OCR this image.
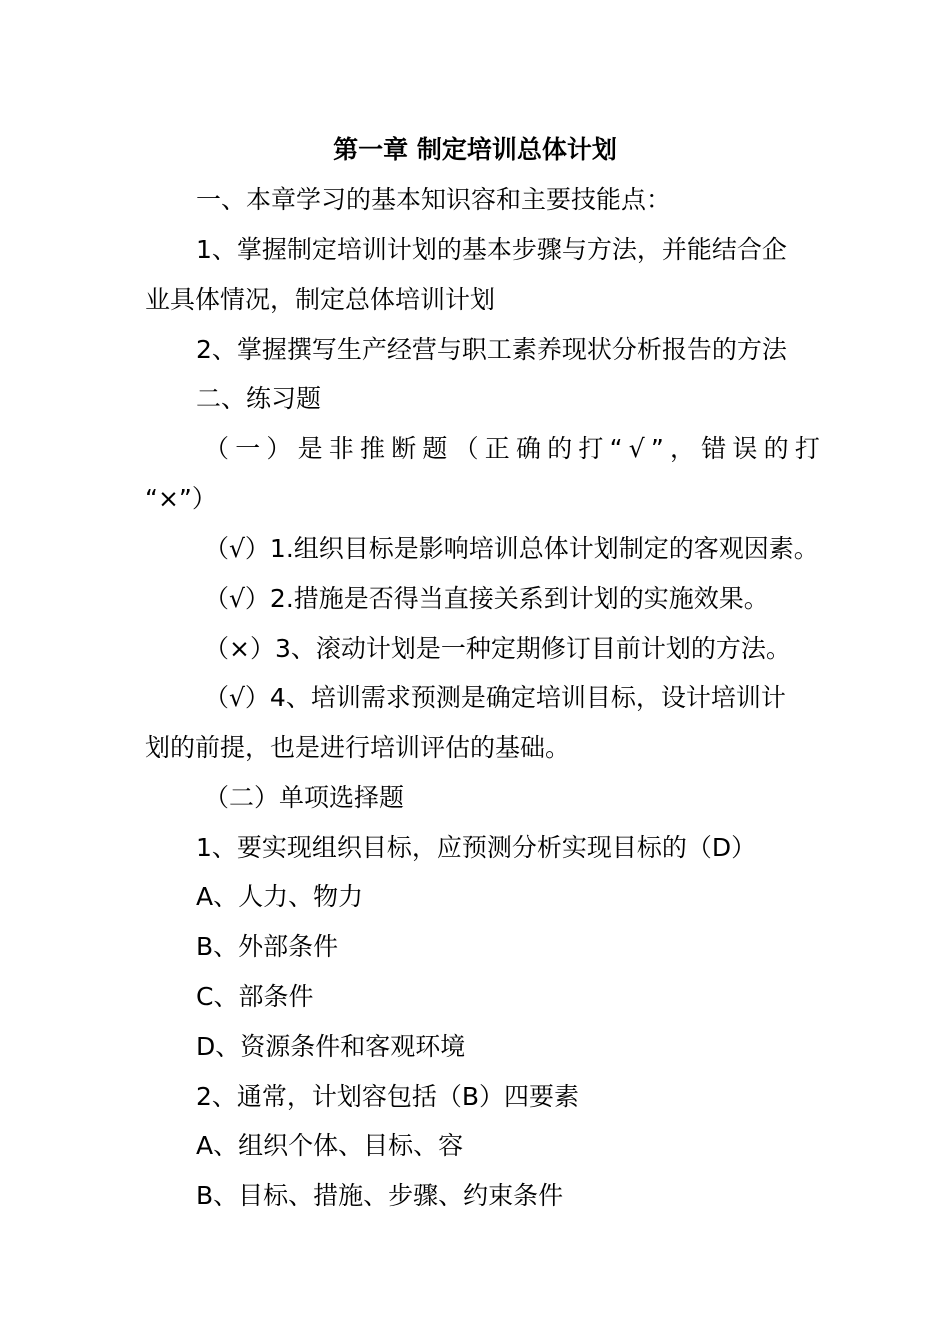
第一章 制定培训总体计划
一、本章学习的基本知识容和主要技能点：
1、掌握制定培训计划的基本步骤与方法，并能结合企
业具体情况，制定总体培训计划
2、掌握撰写生产经营与职工素养现状分析报告的方法
二、练习题
（一）是非推断题（正确的打“√”，错误的打
“×”）
（√）1.组织目标是影响培训总体计划制定的客观因素。
（√）2.措施是否得当直接关系到计划的实施效果。
（×）3、滚动计划是一种定期修订目前计划的方法。
（√）4、培训需求预测是确定培训目标，设计培训计
划的前提，也是进行培训评估的基础。
（二）单项选择题
1、要实现组织目标，应预测分析实现目标的（D）
A、人力、物力
B、外部条件
C、部条件
D、资源条件和客观环境
2、通常，计划容包括（B）四要素
A、组织个体、目标、容
B、目标、措施、步骤、约束条件
